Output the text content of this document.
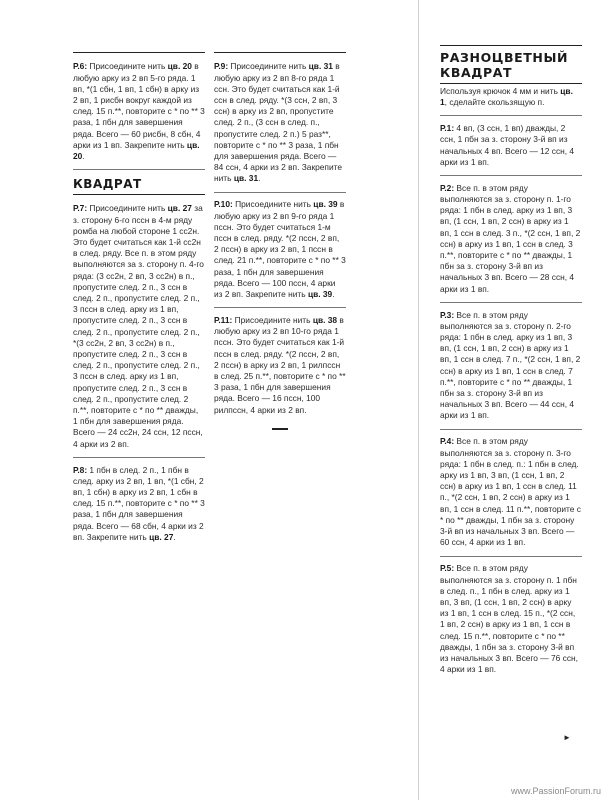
Р.6: Присоедините нить цв. 20 в любую арку из 2 вп 5-го ряда. 1 вп, *(1 сбн, 1 вп, 1 сбн) в арку из 2 вп, 1 рисбн вокруг каждой из след. 15 п.**, повторите с * по ** 3 раза, 1 пбн для завершения ряда. Всего — 60 рисбн, 8 сбн, 4 арки из 1 вп. Закрепите нить цв. 20.

КВАДРАТ

Р.7: Присоедините нить цв. 27 за з. сторону 6-го пссн в 4-м ряду ромба на любой стороне 1 сс2н. Это будет считаться как 1-й сс2н в след. ряду. Все п. в этом ряду выполняются за з. сторону п. 4-го ряда: (3 сс2н, 2 вп, 3 сс2н) в п., пропустите след. 2 п., 3 ссн в след. 2 п., пропустите след. 2 п., 3 пссн в след. арку из 1 вп, пропустите след. 2 п., 3 ссн в след. 2 п., пропустите след. 2 п., *(3 сс2н, 2 вп, 3 сс2н) в п., пропустите след. 2 п., 3 ссн в след. 2 п., пропустите след. 2 п., 3 пссн в след. арку из 1 вп, пропустите след. 2 п., 3 ссн в след. 2 п., пропустите след. 2 п.**, повторите с * по ** дважды, 1 пбн для завершения ряда. Всего — 24 сс2н, 24 ссн, 12 пссн, 4 арки из 2 вп.

Р.8: 1 пбн в след. 2 п., 1 пбн в след. арку из 2 вп, 1 вп, *(1 сбн, 2 вп, 1 сбн) в арку из 2 вп, 1 сбн в след. 15 п.**, повторите с * по ** 3 раза, 1 пбн для завершения ряда. Всего — 68 сбн, 4 арки из 2 вп. Закрепите нить цв. 27.

Р.9: Присоедините нить цв. 31 в любую арку из 2 вп 8-го ряда 1 ссн. Это будет считаться как 1-й ссн в след. ряду. *(3 ссн, 2 вп, 3 ссн) в арку из 2 вп, пропустите след. 2 п., (3 ссн в след. п., пропустите след. 2 п.) 5 раз**, повторите с * по ** 3 раза, 1 пбн для завершения ряда. Всего — 84 ссн, 4 арки из 2 вп. Закрепите нить цв. 31.

Р.10: Присоедините нить цв. 39 в любую арку из 2 вп 9-го ряда 1 пссн. Это будет считаться 1-м пссн в след. ряду. *(2 пссн, 2 вп, 2 пссн) в арку из 2 вп, 1 пссн в след. 21 п.**, повторите с * по ** 3 раза, 1 пбн для завершения ряда. Всего — 100 пссн, 4 арки из 2 вп. Закрепите нить цв. 39.

Р.11: Присоедините нить цв. 38 в любую арку из 2 вп 10-го ряда 1 пссн. Это будет считаться как 1-й пссн в след. ряду. *(2 пссн, 2 вп, 2 пссн) в арку из 2 вп, 1 рилпссн в след. 25 п.**, повторите с * по ** 3 раза, 1 пбн для завершения ряда. Всего — 16 пссн, 100 рилпссн, 4 арки из 2 вп.

РАЗНОЦВЕТНЫЙ
КВАДРАТ

Используя крючок 4 мм и нить цв. 1, сделайте скользящую п.

Р.1: 4 вп, (3 ссн, 1 вп) дважды, 2 ссн, 1 пбн за з. сторону 3-й вп из начальных 4 вп. Всего — 12 ссн, 4 арки из 1 вп.

Р.2: Все п. в этом ряду выполняются за з. сторону п. 1-го ряда: 1 пбн в след. арку из 1 вп, 3 вп, (1 ссн, 1 вп, 2 ссн) в арку из 1 вп, 1 ссн в след. 3 п., *(2 ссн, 1 вп, 2 ссн) в арку из 1 вп, 1 ссн в след. 3 п.**, повторите с * по ** дважды, 1 пбн за з. сторону 3-й вп из начальных 3 вп. Всего — 28 ссн, 4 арки из 1 вп.

Р.3: Все п. в этом ряду выполняются за з. сторону п. 2-го ряда: 1 пбн в след. арку из 1 вп, 3 вп, (1 ссн, 1 вп, 2 ссн) в арку из 1 вп, 1 ссн в след. 7 п., *(2 ссн, 1 вп, 2 ссн) в арку из 1 вп, 1 ссн в след. 7 п.**, повторите с * по ** дважды, 1 пбн за з. сторону 3-й вп из начальных 3 вп. Всего — 44 ссн, 4 арки из 1 вп.

Р.4: Все п. в этом ряду выполняются за з. сторону п. 3-го ряда: 1 пбн в след. п.: 1 пбн в след. арку из 1 вп, 3 вп, (1 ссн, 1 вп, 2 ссн) в арку из 1 вп, 1 ссн в след. 11 п., *(2 ссн, 1 вп, 2 ссн) в арку из 1 вп, 1 ссн в след. 11 п.**, повторите с * по ** дважды, 1 пбн за з. сторону 3-й вп из начальных 3 вп. Всего — 60 ссн, 4 арки из 1 вп.

Р.5: Все п. в этом ряду выполняются за з. сторону п. 1 пбн в след. п., 1 пбн в след. арку из 1 вп, 3 вп, (1 ссн, 1 вп, 2 ссн) в арку из 1 вп, 1 ссн в след. 15 п., *(2 ссн, 1 вп, 2 ссн) в арку из 1 вп, 1 ссн в след. 15 п.**, повторите с * по ** дважды, 1 пбн за з. сторону 3-й вп из начальных 3 вп. Всего — 76 ссн, 4 арки из 1 вп.

►
www.PassionForum.ru
